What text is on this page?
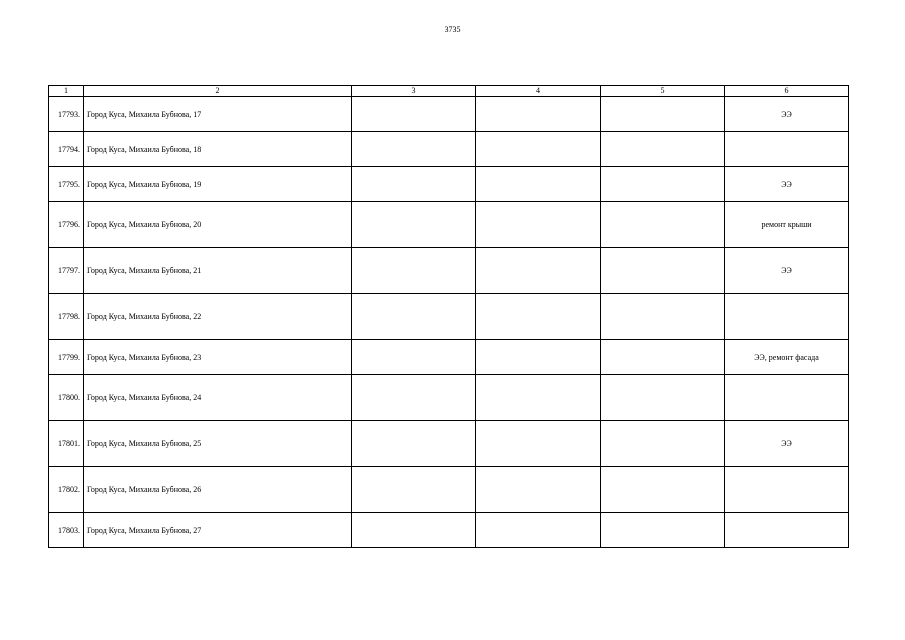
3735
1	2	3	4	5	6
17793.	Город Куса, Михаила Бубнова, 17				ЭЭ
17794.	Город Куса, Михаила Бубнова, 18				
17795.	Город Куса, Михаила Бубнова, 19				ЭЭ
17796.	Город Куса, Михаила Бубнова, 20				ремонт крыши
17797.	Город Куса, Михаила Бубнова, 21				ЭЭ
17798.	Город Куса, Михаила Бубнова, 22				
17799.	Город Куса, Михаила Бубнова, 23				ЭЭ, ремонт фасада
17800.	Город Куса, Михаила Бубнова, 24				
17801.	Город Куса, Михаила Бубнова, 25				ЭЭ
17802.	Город Куса, Михаила Бубнова, 26				
17803.	Город Куса, Михаила Бубнова, 27				
